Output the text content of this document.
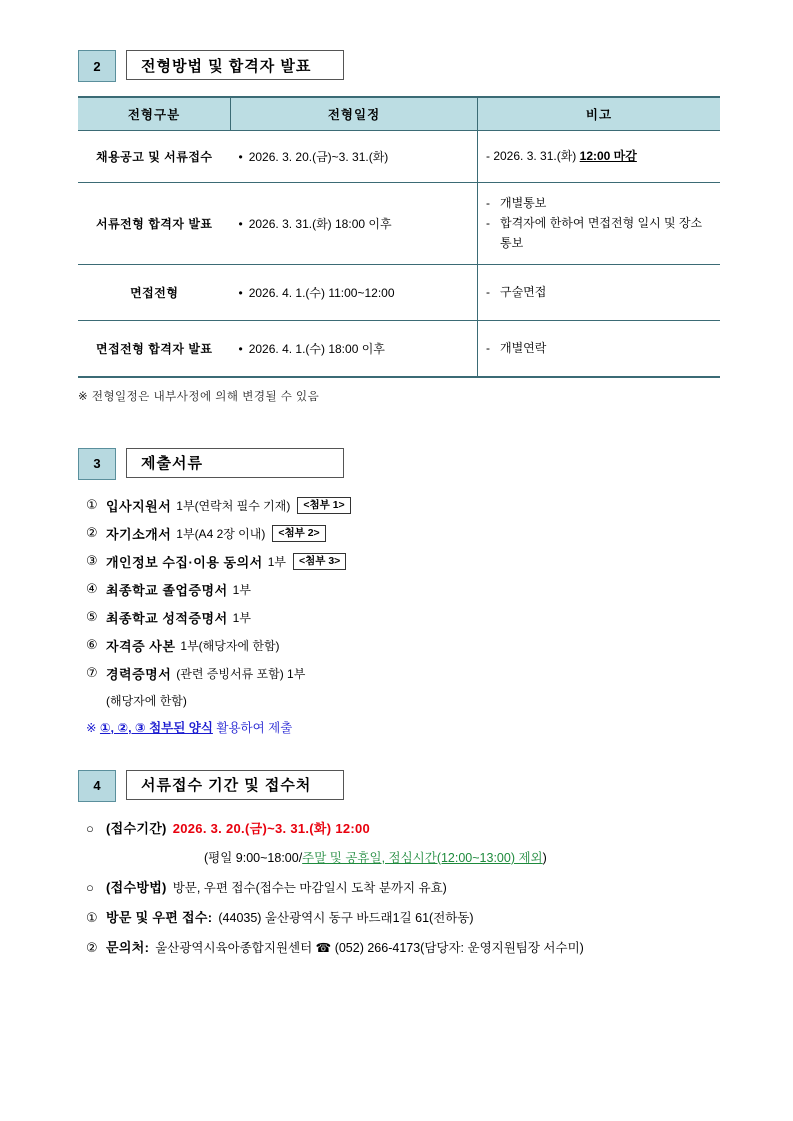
2	전형방법 및 합격자 발표
전형구분	전형일정	비고
채용공고 및 서류접수	• 2026. 3. 20.(금)~3. 31.(화)	- 2026. 3. 31.(화) 12:00 마감
서류전형 합격자 발표	• 2026. 3. 31.(화) 18:00 이후	- 개별통보
- 합격자에 한하여 면접전형 일시 및 장소 통보

면접전형	• 2026. 4. 1.(수) 11:00~12:00	- 구술면접

면접전형 합격자 발표	• 2026. 4. 1.(수) 18:00 이후	- 개별연락
※ 전형일정은 내부사정에 의해 변경될 수 있음
3	제출서류
① 입사지원서 1부(연락처 필수 기재)	<첨부 1>
② 자기소개서 1부(A4 2장 이내)	<첨부 2>
③ 개인정보 수집·이용 동의서 1부	<첨부 3>
④ 최종학교 졸업증명서 1부
⑤ 최종학교 성적증명서 1부
⑥ 자격증 사본 1부(해당자에 한함)
⑦ 경력증명서 (관련 증빙서류 포함) 1부
(해당자에 한함)
※ ①, ②, ③ 첨부된 양식 활용하여 제출
4	서류접수 기간 및 접수처
○ (접수기간) 2026. 3. 20.(금)~3. 31.(화) 12:00
(평일 9:00~18:00/주말 및 공휴일, 점심시간(12:00~13:00) 제외)
○ (접수방법) 방문, 우편 접수(접수는 마감일시 도착 분까지 유효)
① 방문 및 우편 접수: (44035) 울산광역시 동구 바드래1길 61(전하동)
② 문의처: 울산광역시육아종합지원센터 ☎ (052) 266-4173(담당자: 운영지원팀장 서수미)
